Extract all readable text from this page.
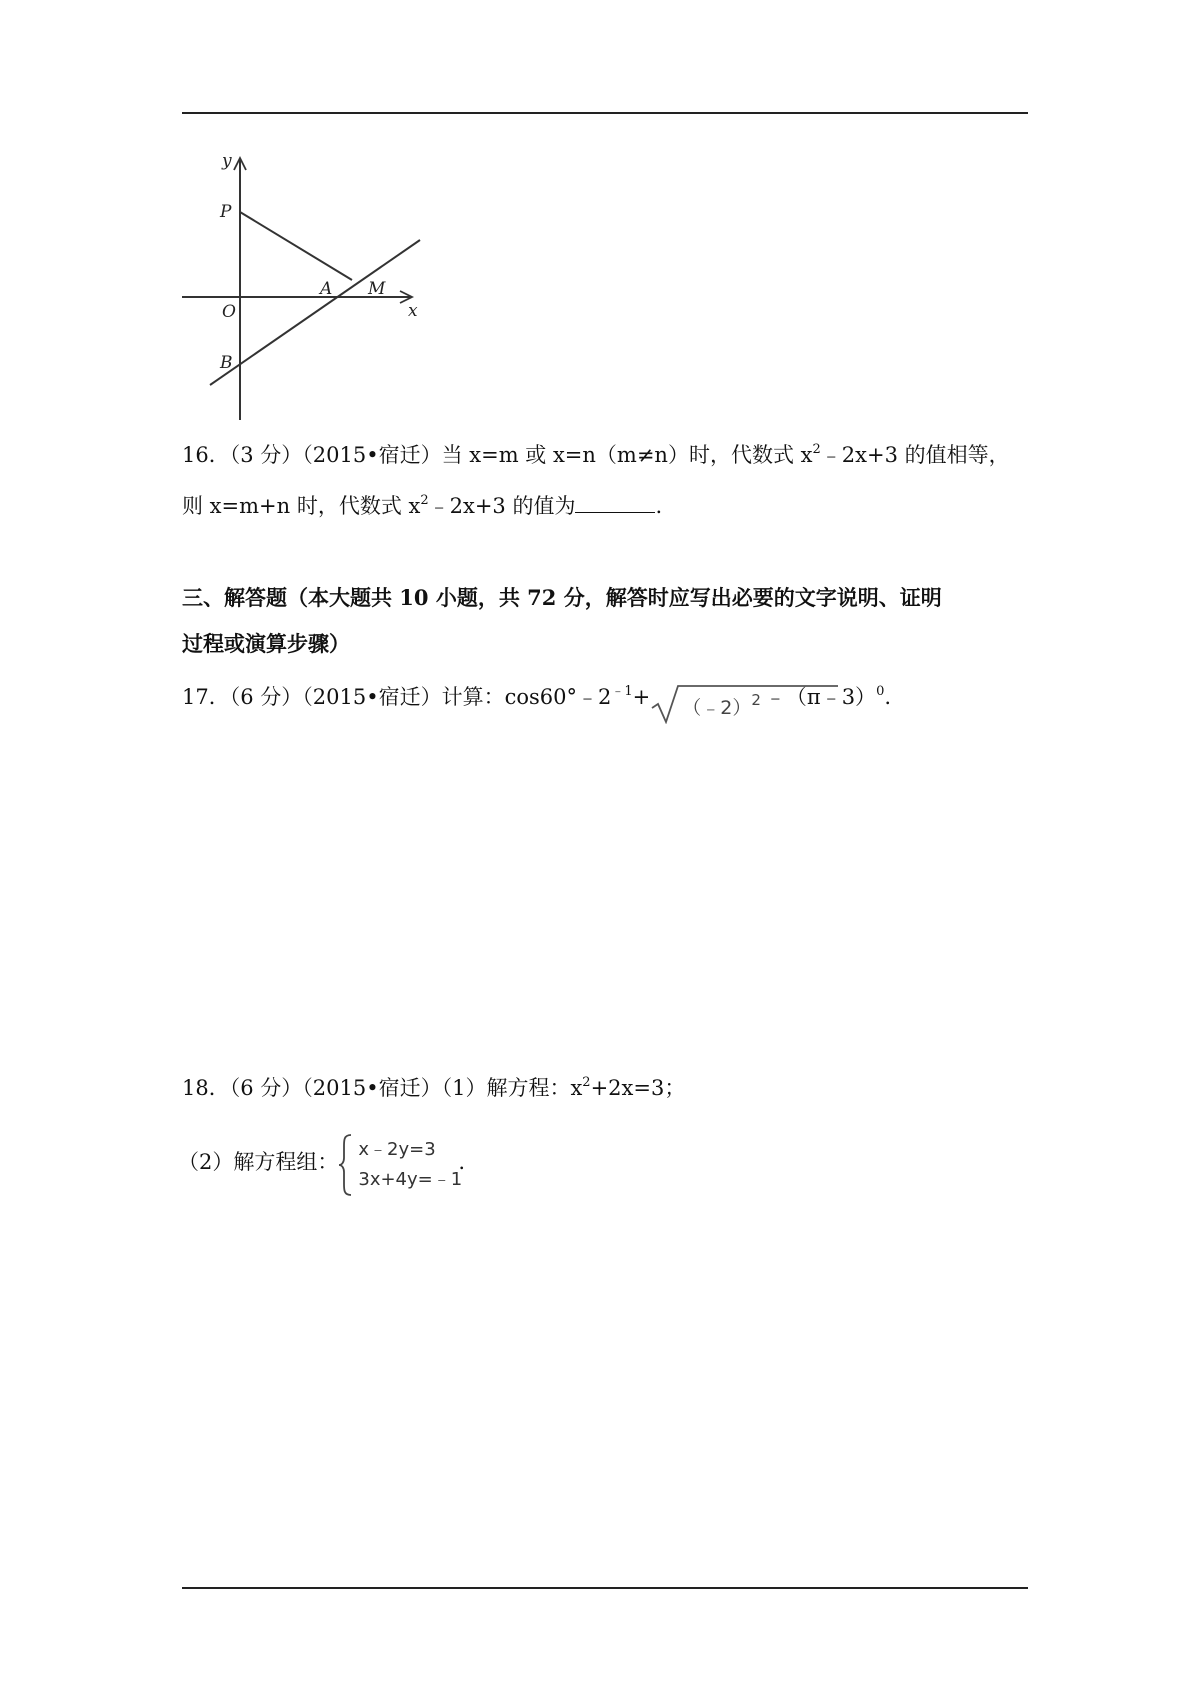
y
x
P
O
A M
B
16．（3 分）（2015•宿迁）当 x=m 或 x=n（m≠n）时，代数式 $x^2﹣2x+3$ 的值相等，
则 x=m+n 时，代数式 $x^2﹣2x+3$ 的值为	.
三、解答题（本大题共 10 小题，共 72 分，解答时应写出必要的文字说明、证明
过程或演算步骤）
17．（6 分）（2015•宿迁）计算：$\cos 60^\circ﹣2^{﹣1}+$ （﹣2）$^2$ ﹣（π﹣3）$^0$.
18．（6 分）（2015•宿迁）（1）解方程：$x^2+2x=3$；
（2）解方程组：
x﹣2y=3
3x+4y=﹣1
.
